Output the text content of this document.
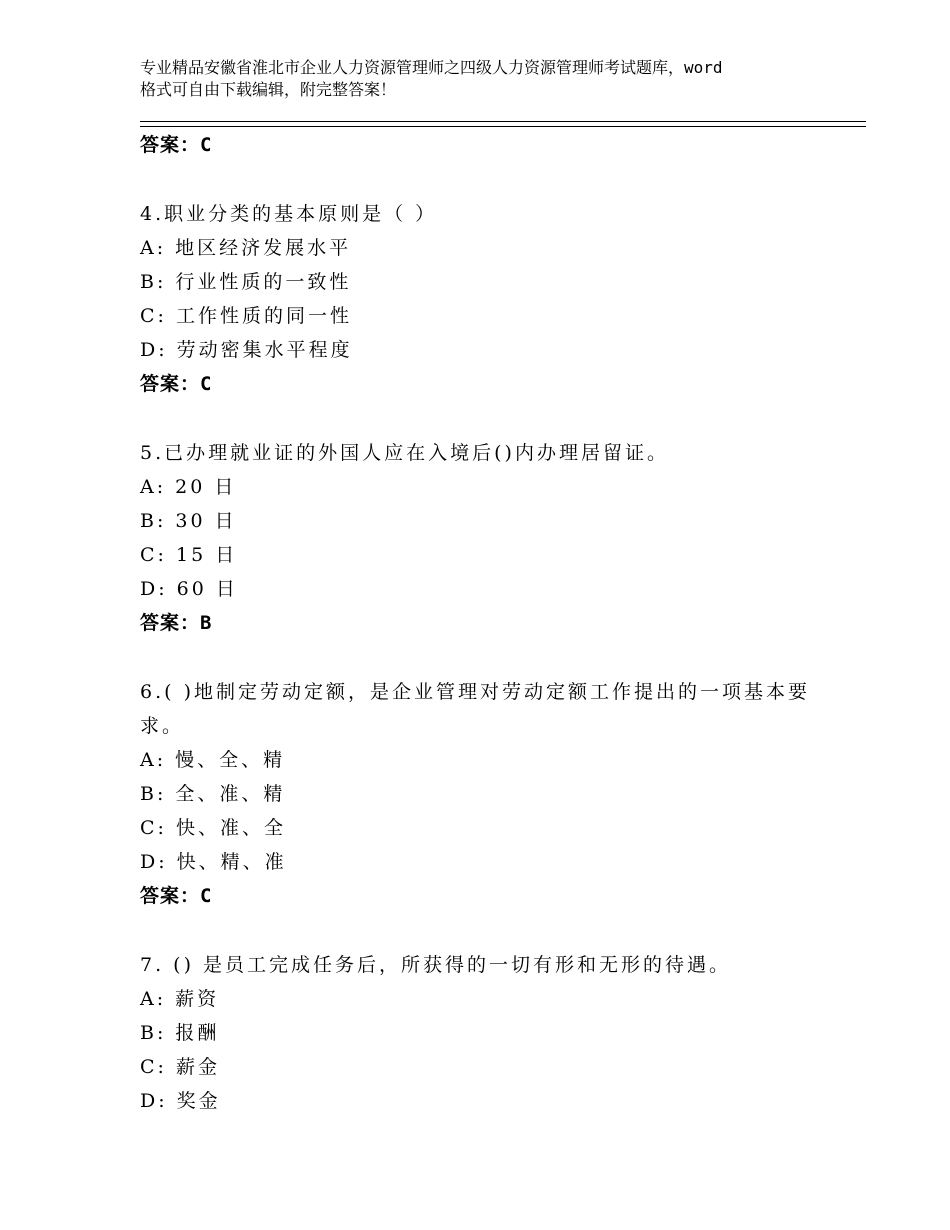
专业精品安徽省淮北市企业人力资源管理师之四级人力资源管理师考试题库，word
格式可自由下载编辑，附完整答案！
答案：C
4.职业分类的基本原则是（ ）
A: 地区经济发展水平
B: 行业性质的一致性
C: 工作性质的同一性
D: 劳动密集水平程度
答案：C
5.已办理就业证的外国人应在入境后()内办理居留证。
A: 20 日
B: 30 日
C: 15 日
D: 60 日
答案：B
6.( )地制定劳动定额，是企业管理对劳动定额工作提出的一项基本要
求。
A: 慢、全、精
B: 全、准、精
C: 快、准、全
D: 快、精、准
答案：C
7. () 是员工完成任务后，所获得的一切有形和无形的待遇。
A: 薪资
B: 报酬
C: 薪金
D: 奖金
